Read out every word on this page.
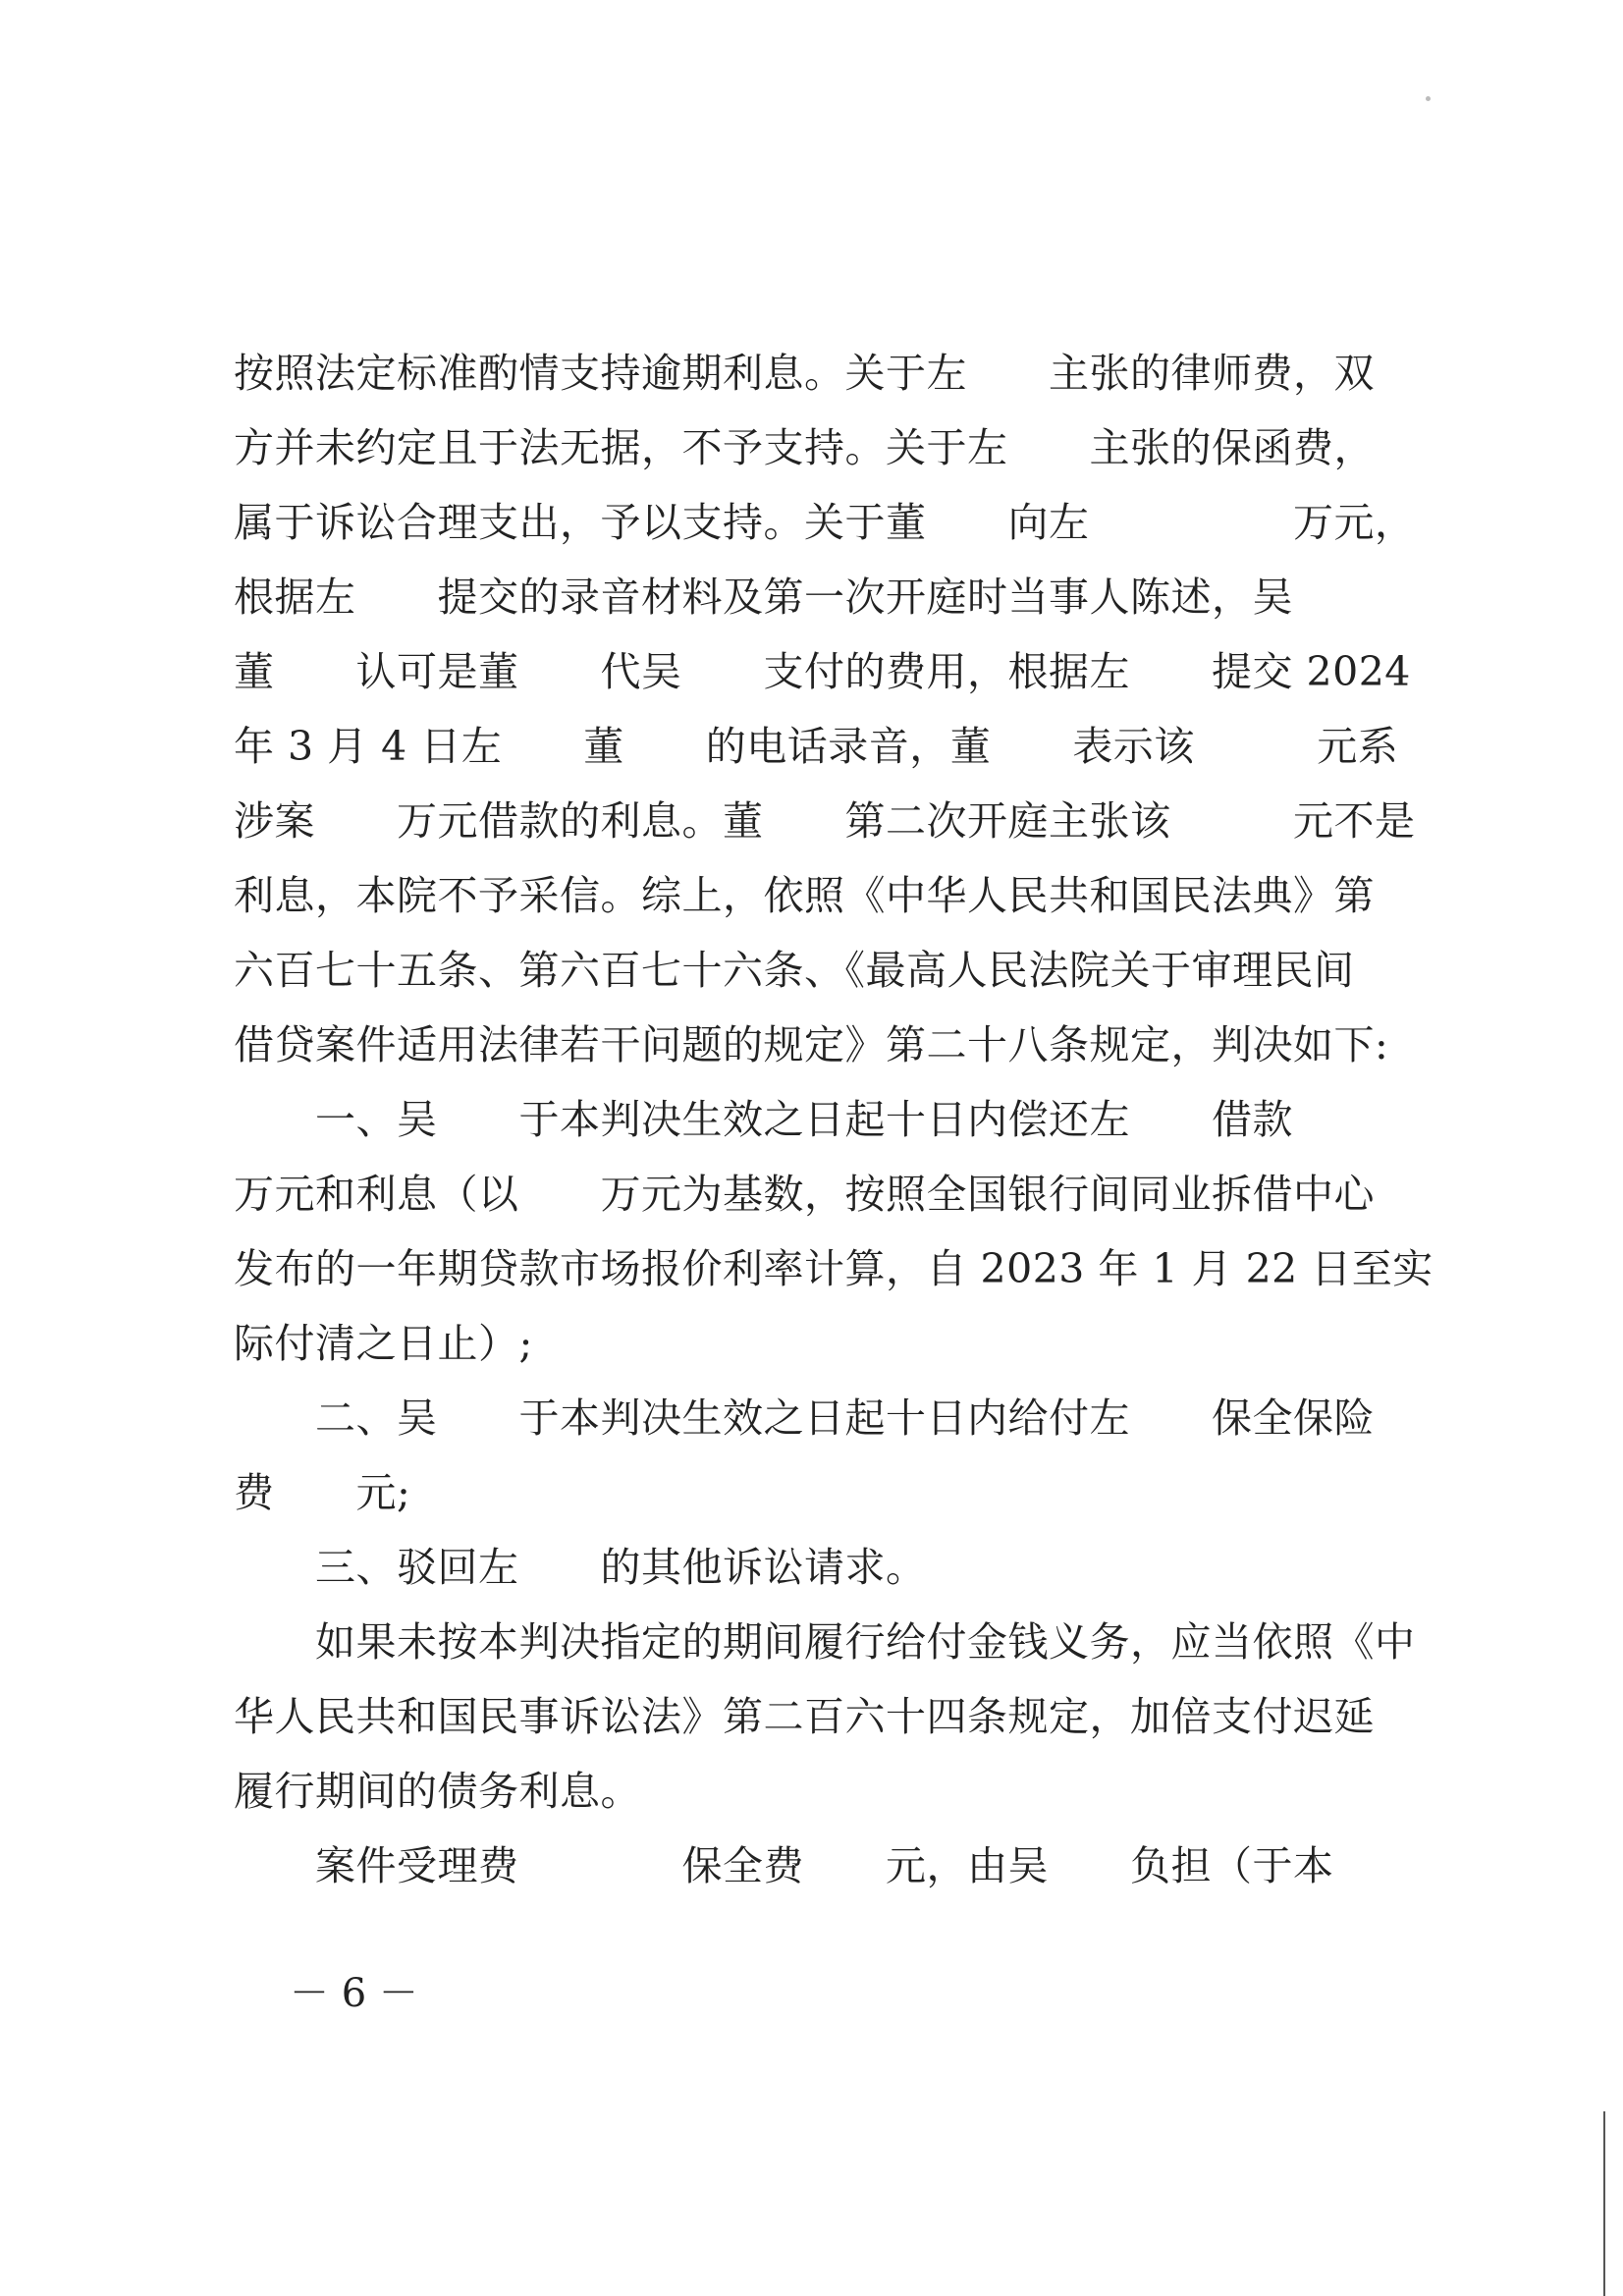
按照法定标准酌情支持逾期利息。关于左　　主张的律师费，双
方并未约定且于法无据，不予支持。关于左　　主张的保函费，
属于诉讼合理支出，予以支持。关于董　　向左　　　　　万元，
根据左　　提交的录音材料及第一次开庭时当事人陈述，吴
董　　认可是董　　代吴　　支付的费用，根据左　　提交 2024
年 3 月 4 日左　　董　　的电话录音，董　　表示该　　　元系
涉案　　万元借款的利息。董　　第二次开庭主张该　　　元不是
利息，本院不予采信。综上，依照《中华人民共和国民法典》第
六百七十五条、第六百七十六条、《最高人民法院关于审理民间
借贷案件适用法律若干问题的规定》第二十八条规定，判决如下:
　　一、吴　　于本判决生效之日起十日内偿还左　　借款
万元和利息（以　　万元为基数，按照全国银行间同业拆借中心
发布的一年期贷款市场报价利率计算，自 2023 年 1 月 22 日至实
际付清之日止）;
　　二、吴　　于本判决生效之日起十日内给付左　　保全保险
费　　元;
　　三、驳回左　　的其他诉讼请求。
　　如果未按本判决指定的期间履行给付金钱义务，应当依照《中
华人民共和国民事诉讼法》第二百六十四条规定，加倍支付迟延
履行期间的债务利息。
　　案件受理费　　　　保全费　　元，由吴　　负担（于本
－ 6 －
